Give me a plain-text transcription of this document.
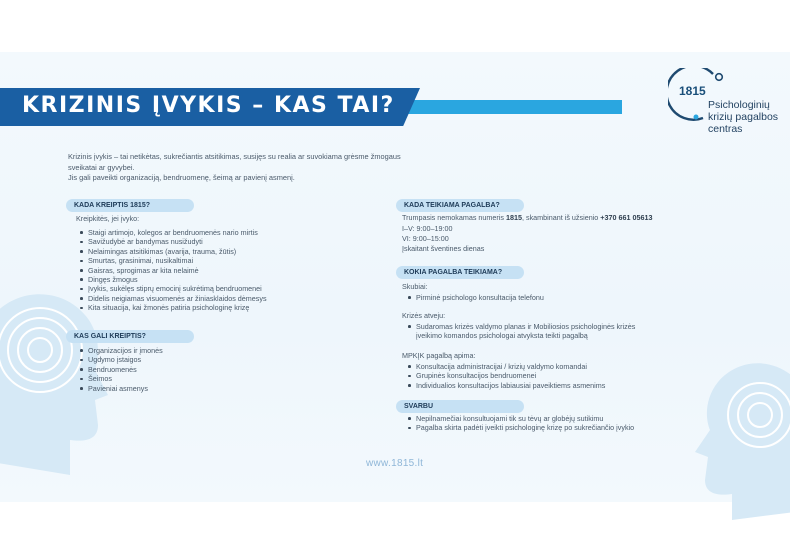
KRIZINIS ĮVYKIS – KAS TAI?
1815
Psichologinių
krizių pagalbos
centras
Krizinis įvykis – tai netikėtas, sukrečiantis atsitikimas, susijęs su realia ar suvokiama grėsme žmogaus
sveikatai ar gyvybei.
Jis gali paveikti organizaciją, bendruomenę, šeimą ar pavienį asmenį.
KADA KREIPTIS 1815?
Kreipkitės, jei įvyko:
Staigi artimojo, kolegos ar bendruomenės nario mirtis
Savižudybė ar bandymas nusižudyti
Nelaimingas atsitikimas (avarija, trauma, žūtis)
Smurtas, grasinimai, nusikaltimai
Gaisras, sprogimas ar kita nelaimė
Dingęs žmogus
Įvykis, sukėlęs stiprų emocinį sukrėtimą bendruomenei
Didelis neigiamas visuomenės ar žiniasklaidos dėmesys
Kita situacija, kai žmonės patiria psichologinę krizę
KAS GALI KREIPTIS?
Organizacijos ir įmonės
Ugdymo įstaigos
Bendruomenės
Šeimos
Pavieniai asmenys
KADA TEIKIAMA PAGALBA?
Trumpasis nemokamas numeris 1815, skambinant iš užsienio +370 661 05613
I–V: 9:00–19:00
VI: 9:00–15:00
Įskaitant šventines dienas
KOKIA PAGALBA TEIKIAMA?
Skubiai:
Pirminė psichologo konsultacija telefonu
Krizės atveju:
Sudaromas krizės valdymo planas ir Mobiliosios psichologinės krizės
įveikimo komandos psichologai atvyksta teikti pagalbą
MPKĮK pagalbą apima:
Konsultacija administracijai / krizių valdymo komandai
Grupinės konsultacijos bendruomenei
Individualios konsultacijos labiausiai paveiktiems asmenims
SVARBU
Nepilnamečiai konsultuojami tik su tėvų ar globėjų sutikimu
Pagalba skirta padėti įveikti psichologinę krizę po sukrečiančio įvykio
www.1815.lt
